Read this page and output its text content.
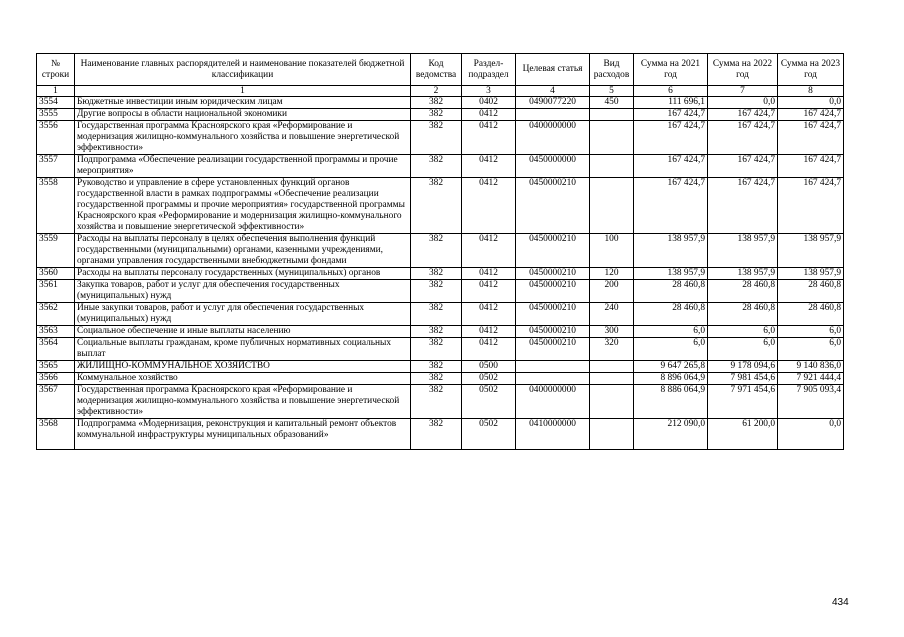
№ строки	Наименование главных распорядителей и наименование показателей бюджетной классификации	Код ведомства	Раздел-подраздел	Целевая статья	Вид расходов	Сумма на 2021 год	Сумма на 2022 год	Сумма на 2023 год
1	1	2	3	4	5	6	7	8
3554	Бюджетные инвестиции иным юридическим лицам	382	0402	0490077220	450	111 696,1	0,0	0,0
3555	Другие вопросы в области национальной экономики	382	0412			167 424,7	167 424,7	167 424,7
3556	Государственная программа Красноярского края «Реформирование и модернизация жилищно-коммунального хозяйства и повышение энергетической эффективности»	382	0412	0400000000		167 424,7	167 424,7	167 424,7
3557	Подпрограмма «Обеспечение реализации государственной программы и прочие мероприятия»	382	0412	0450000000		167 424,7	167 424,7	167 424,7
3558	Руководство и управление в сфере установленных функций органов государственной власти в рамках подпрограммы «Обеспечение реализации государственной программы и прочие мероприятия» государственной программы Красноярского края «Реформирование и модернизация жилищно-коммунального хозяйства и повышение энергетической эффективности»	382	0412	0450000210		167 424,7	167 424,7	167 424,7
3559	Расходы на выплаты персоналу в целях обеспечения выполнения функций государственными (муниципальными) органами, казенными учреждениями, органами управления государственными внебюджетными фондами	382	0412	0450000210	100	138 957,9	138 957,9	138 957,9
3560	Расходы на выплаты персоналу государственных (муниципальных) органов	382	0412	0450000210	120	138 957,9	138 957,9	138 957,9
3561	Закупка товаров, работ и услуг для обеспечения государственных (муниципальных) нужд	382	0412	0450000210	200	28 460,8	28 460,8	28 460,8
3562	Иные закупки товаров, работ и услуг для обеспечения государственных (муниципальных) нужд	382	0412	0450000210	240	28 460,8	28 460,8	28 460,8
3563	Социальное обеспечение и иные выплаты населению	382	0412	0450000210	300	6,0	6,0	6,0
3564	Социальные выплаты гражданам, кроме публичных нормативных социальных выплат	382	0412	0450000210	320	6,0	6,0	6,0
3565	ЖИЛИЩНО-КОММУНАЛЬНОЕ ХОЗЯЙСТВО	382	0500			9 647 265,8	9 178 094,6	9 140 836,0
3566	Коммунальное хозяйство	382	0502			8 896 064,9	7 981 454,6	7 921 444,4
3567	Государственная программа Красноярского края «Реформирование и модернизация жилищно-коммунального хозяйства и повышение энергетической эффективности»	382	0502	0400000000		8 886 064,9	7 971 454,6	7 905 093,4
3568	Подпрограмма «Модернизация, реконструкция и капитальный ремонт объектов коммунальной инфраструктуры муниципальных образований»	382	0502	0410000000		212 090,0	61 200,0	0,0
434
